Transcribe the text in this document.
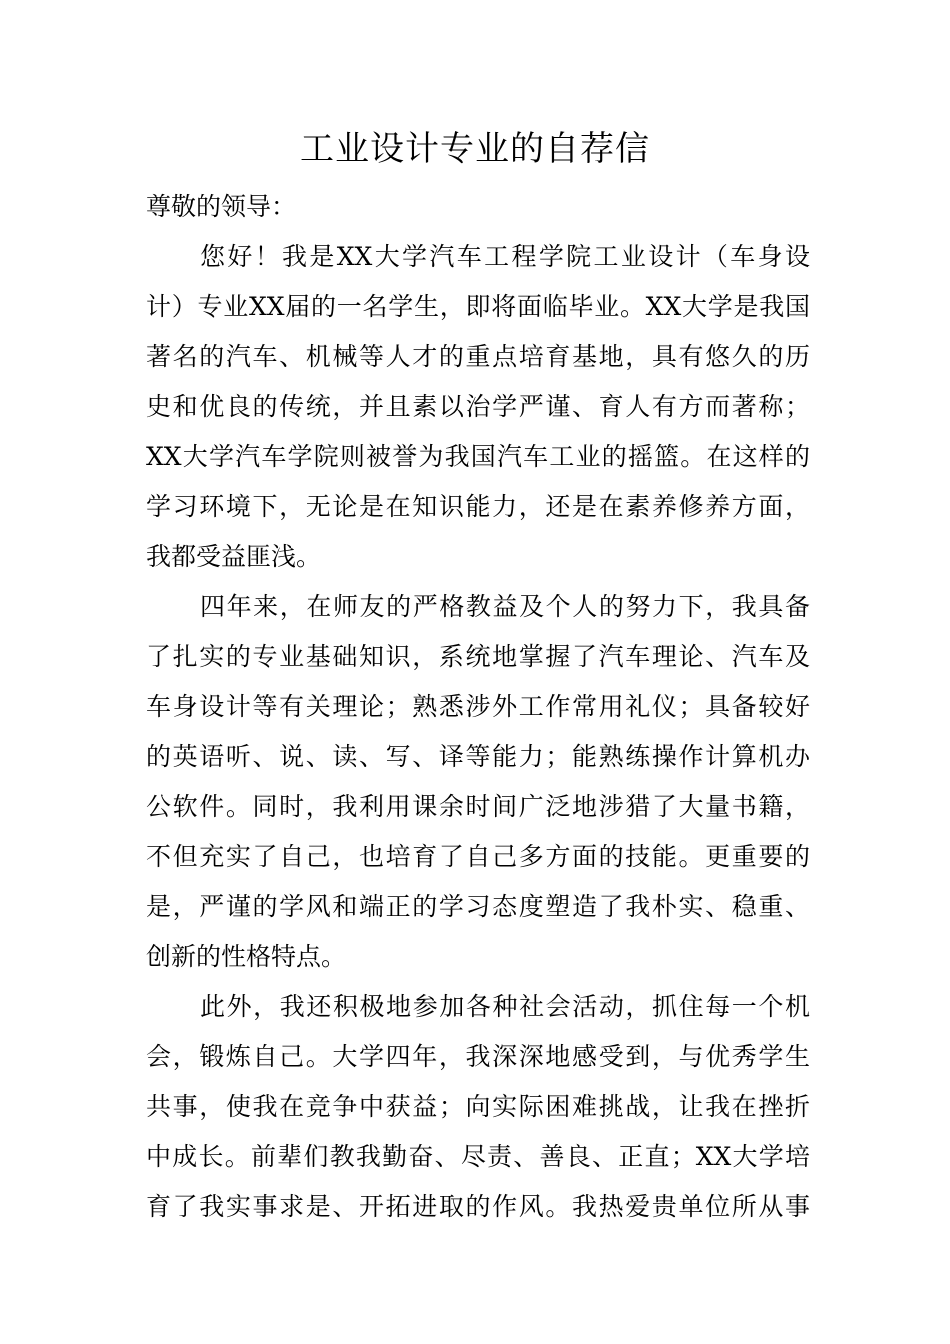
工业设计专业的自荐信

尊敬的领导：

您好！我是XX大学汽车工程学院工业设计（车身设
计）专业XX届的一名学生，即将面临毕业。XX大学是我国
著名的汽车、机械等人才的重点培育基地，具有悠久的历
史和优良的传统，并且素以治学严谨、育人有方而著称；
XX大学汽车学院则被誉为我国汽车工业的摇篮。在这样的
学习环境下，无论是在知识能力，还是在素养修养方面，
我都受益匪浅。

四年来，在师友的严格教益及个人的努力下，我具备
了扎实的专业基础知识，系统地掌握了汽车理论、汽车及
车身设计等有关理论；熟悉涉外工作常用礼仪；具备较好
的英语听、说、读、写、译等能力；能熟练操作计算机办
公软件。同时，我利用课余时间广泛地涉猎了大量书籍，
不但充实了自己，也培育了自己多方面的技能。更重要的
是，严谨的学风和端正的学习态度塑造了我朴实、稳重、
创新的性格特点。

此外，我还积极地参加各种社会活动，抓住每一个机
会，锻炼自己。大学四年，我深深地感受到，与优秀学生
共事，使我在竞争中获益；向实际困难挑战，让我在挫折
中成长。前辈们教我勤奋、尽责、善良、正直；XX大学培
育了我实事求是、开拓进取的作风。我热爱贵单位所从事
